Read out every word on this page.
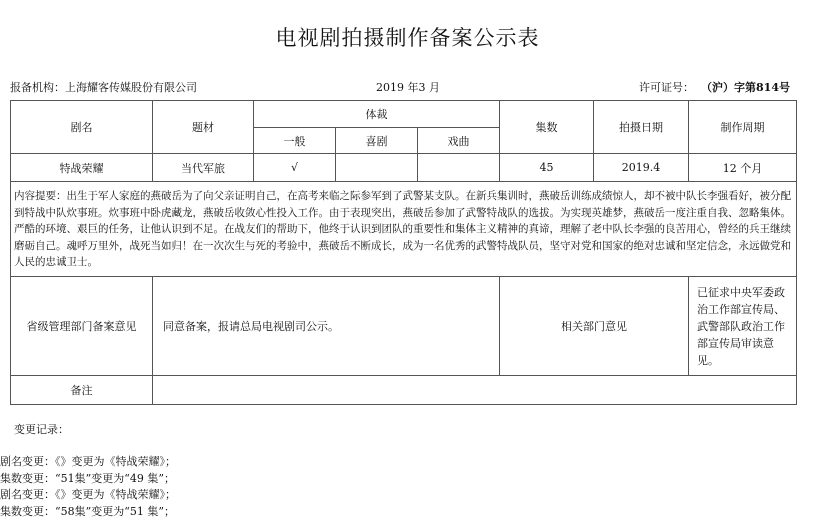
电视剧拍摄制作备案公示表
报备机构：上海耀客传媒股份有限公司	2019 年3 月	许可证号： （沪）字第814号
剧名	题材	体裁			集数	拍摄日期	制作周期
		一般	喜剧	戏曲			
特战荣耀	当代军旅	√			45	2019.4	12 个月
内容提要：出生于军人家庭的燕破岳为了向父亲证明自己，在高考来临之际参军到了武警某支队。在新兵集训时，燕破岳训练成绩惊人，却不被中队长李强看好，被分配到特战中队炊事班。炊事班中卧虎藏龙，燕破岳收敛心性投入工作。由于表现突出，燕破岳参加了武警特战队的选拔。为实现英雄梦，燕破岳一度注重自我、忽略集体。严酷的环境、艰巨的任务，让他认识到不足。在战友们的帮助下，他终于认识到团队的重要性和集体主义精神的真谛，理解了老中队长李强的良苦用心，曾经的兵王继续磨砺自己。魂呼万里外，战死当如归！在一次次生与死的考验中，燕破岳不断成长，成为一名优秀的武警特战队员，坚守对党和国家的绝对忠诚和坚定信念，永远做党和人民的忠诚卫士。							
省级管理部门备案意见	同意备案，报请总局电视剧司公示。				相关部门意见		已征求中央军委政治工作部宣传局、武警部队政治工作部宣传局审读意见。
备注							
变更记录：
剧名变更：《》变更为《特战荣耀》；
集数变更：“51集”变更为“49 集”；
剧名变更：《》变更为《特战荣耀》；
集数变更：“58集”变更为“51 集”；
